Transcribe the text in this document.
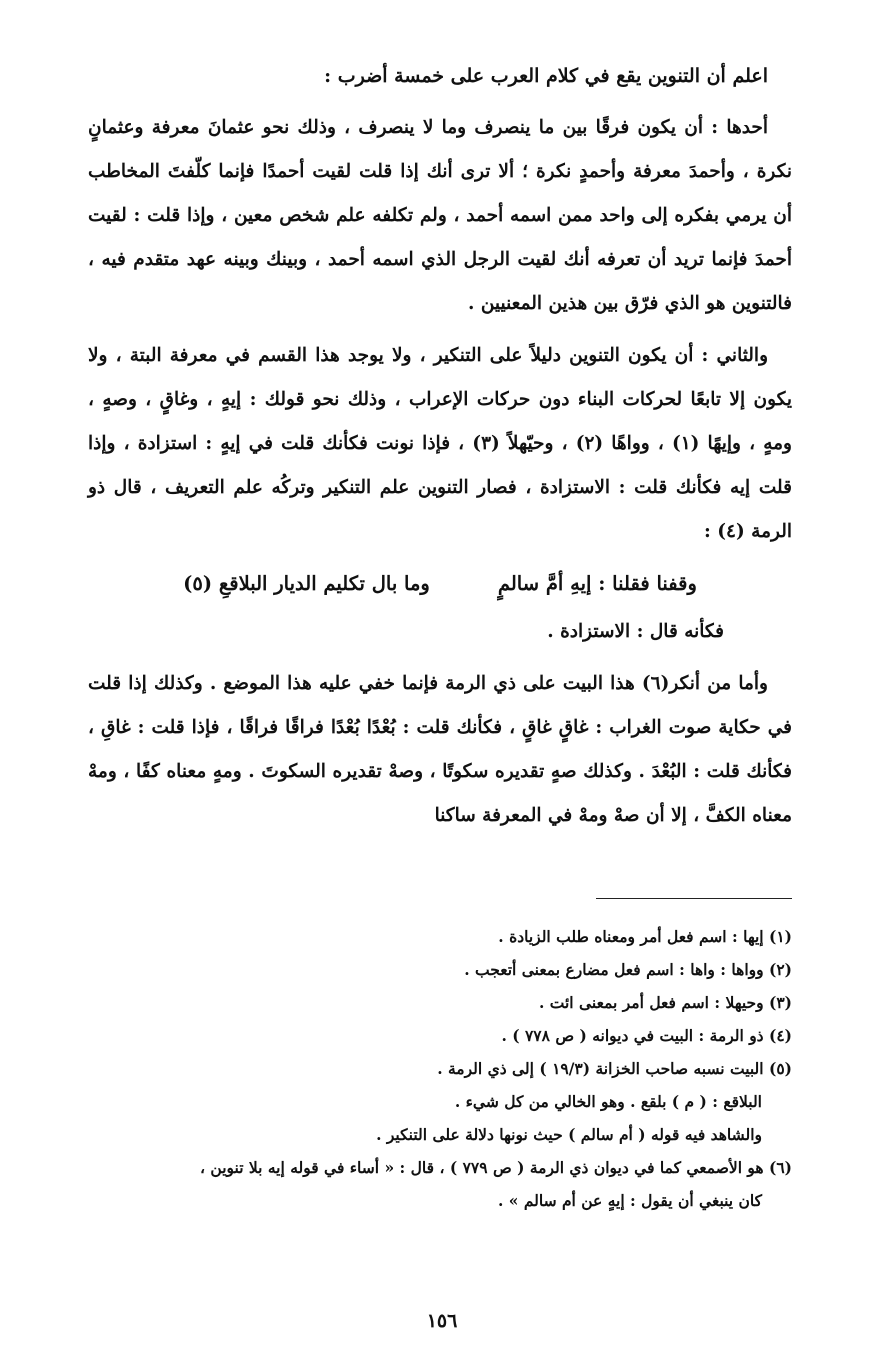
اعلم أن التنوين يقع في كلام العرب على خمسة أضرب :
أحدها : أن يكون فرقًا بين ما ينصرف وما لا ينصرف ، وذلك نحو عثمانَ معرفة وعثمانٍ نكرة ، وأحمدَ معرفة وأحمدٍ نكرة ؛ ألا ترى أنك إذا قلت لقيت أحمدًا فإنما كلّفتَ المخاطب أن يرمي بفكره إلى واحد ممن اسمه أحمد ، ولم تكلفه علم شخص معين ، وإذا قلت : لقيت أحمدَ فإنما تريد أن تعرفه أنك لقيت الرجل الذي اسمه أحمد ، وبينك وبينه عهد متقدم فيه ، فالتنوين هو الذي فرّق بين هذين المعنيين .
والثاني : أن يكون التنوين دليلاً على التنكير ، ولا يوجد هذا القسم في معرفة البتة ، ولا يكون إلا تابعًا لحركات البناء دون حركات الإعراب ، وذلك نحو قولك : إيهٍ ، وغاقٍ ، وصهٍ ، ومهٍ ، وإيهًا (١) ، وواهًا (٢) ، وحيّهلاً (٣) ، فإذا نونت فكأنك قلت في إيهٍ : استزادة ، وإذا قلت إيه فكأنك قلت : الاستزادة ، فصار التنوين علم التنكير وتركُه علم التعريف ، قال ذو الرمة (٤) :
وقفنا فقلنا : إيهِ أمَّ سالمٍ
وما بال تكليم الديار البلاقعِ (٥)
فكأنه قال : الاستزادة .
وأما من أنكر(٦) هذا البيت على ذي الرمة فإنما خفي عليه هذا الموضع . وكذلك إذا قلت في حكاية صوت الغراب : غاقٍ غاقٍ ، فكأنك قلت : بُعْدًا بُعْدًا فراقًا فراقًا ، فإذا قلت : غاقِ ، فكأنك قلت : البُعْدَ . وكذلك صهٍ تقديره سكوتًا ، وصهْ تقديره السكوتَ . ومهٍ معناه كفًا ، ومهْ معناه الكفَّ ، إلا أن صهْ ومهْ في المعرفة ساكنا

(١) إيها : اسم فعل أمر ومعناه طلب الزيادة .

(٢) وواها : واها : اسم فعل مضارع بمعنى أتعجب .

(٣) وحيهلا : اسم فعل أمر بمعنى ائت .

(٤) ذو الرمة : البيت في ديوانه ( ص ٧٧٨ ) .

(٥) البيت نسبه صاحب الخزانة (١٩/٣ ) إلى ذي الرمة .

البلاقع : ( م ) بلقع . وهو الخالي من كل شيء .

والشاهد فيه قوله ( أم سالم ) حيث نونها دلالة على التنكير .

(٦) هو الأصمعي كما في ديوان ذي الرمة ( ص ٧٧٩ ) ، قال : « أساء في قوله إيه بلا تنوين ،

كان ينبغي أن يقول : إيهٍ عن أم سالم » .

١٥٦
